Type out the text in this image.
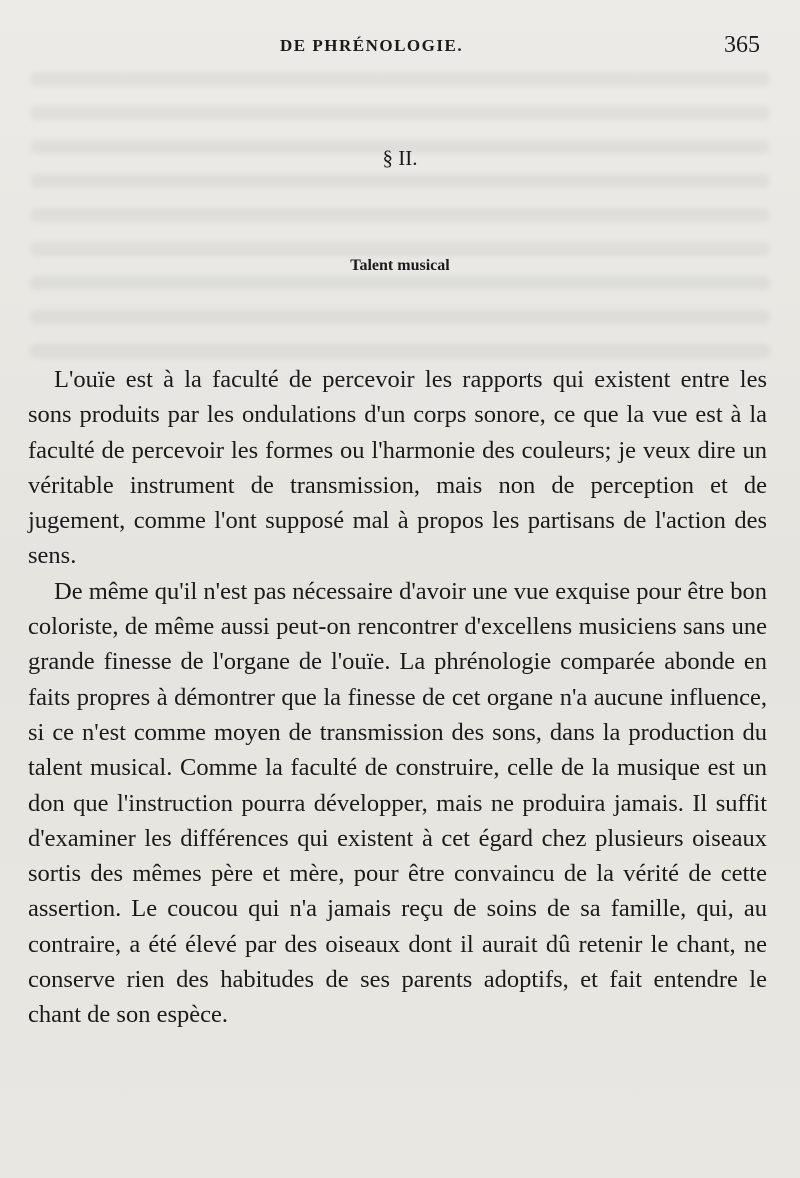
DE PHRÉNOLOGIE.	365
§ II.
Talent musical

L'ouïe est à la faculté de percevoir les rapports qui existent entre les sons produits par les ondulations d'un corps sonore, ce que la vue est à la faculté de percevoir les formes ou l'harmonie des couleurs; je veux dire un véritable instrument de transmission, mais non de perception et de jugement, comme l'ont supposé mal à propos les partisans de l'action des sens.

De même qu'il n'est pas nécessaire d'avoir une vue exquise pour être bon coloriste, de même aussi peut-on rencontrer d'excellens musiciens sans une grande finesse de l'organe de l'ouïe. La phrénologie comparée abonde en faits propres à démontrer que la finesse de cet organe n'a aucune influence, si ce n'est comme moyen de transmission des sons, dans la production du talent musical. Comme la faculté de construire, celle de la musique est un don que l'instruction pourra développer, mais ne produira jamais. Il suffit d'examiner les différences qui existent à cet égard chez plusieurs oiseaux sortis des mêmes père et mère, pour être convaincu de la vérité de cette assertion. Le coucou qui n'a jamais reçu de soins de sa famille, qui, au contraire, a été élevé par des oiseaux dont il aurait dû retenir le chant, ne conserve rien des habitudes de ses parents adoptifs, et fait entendre le chant de son espèce.
